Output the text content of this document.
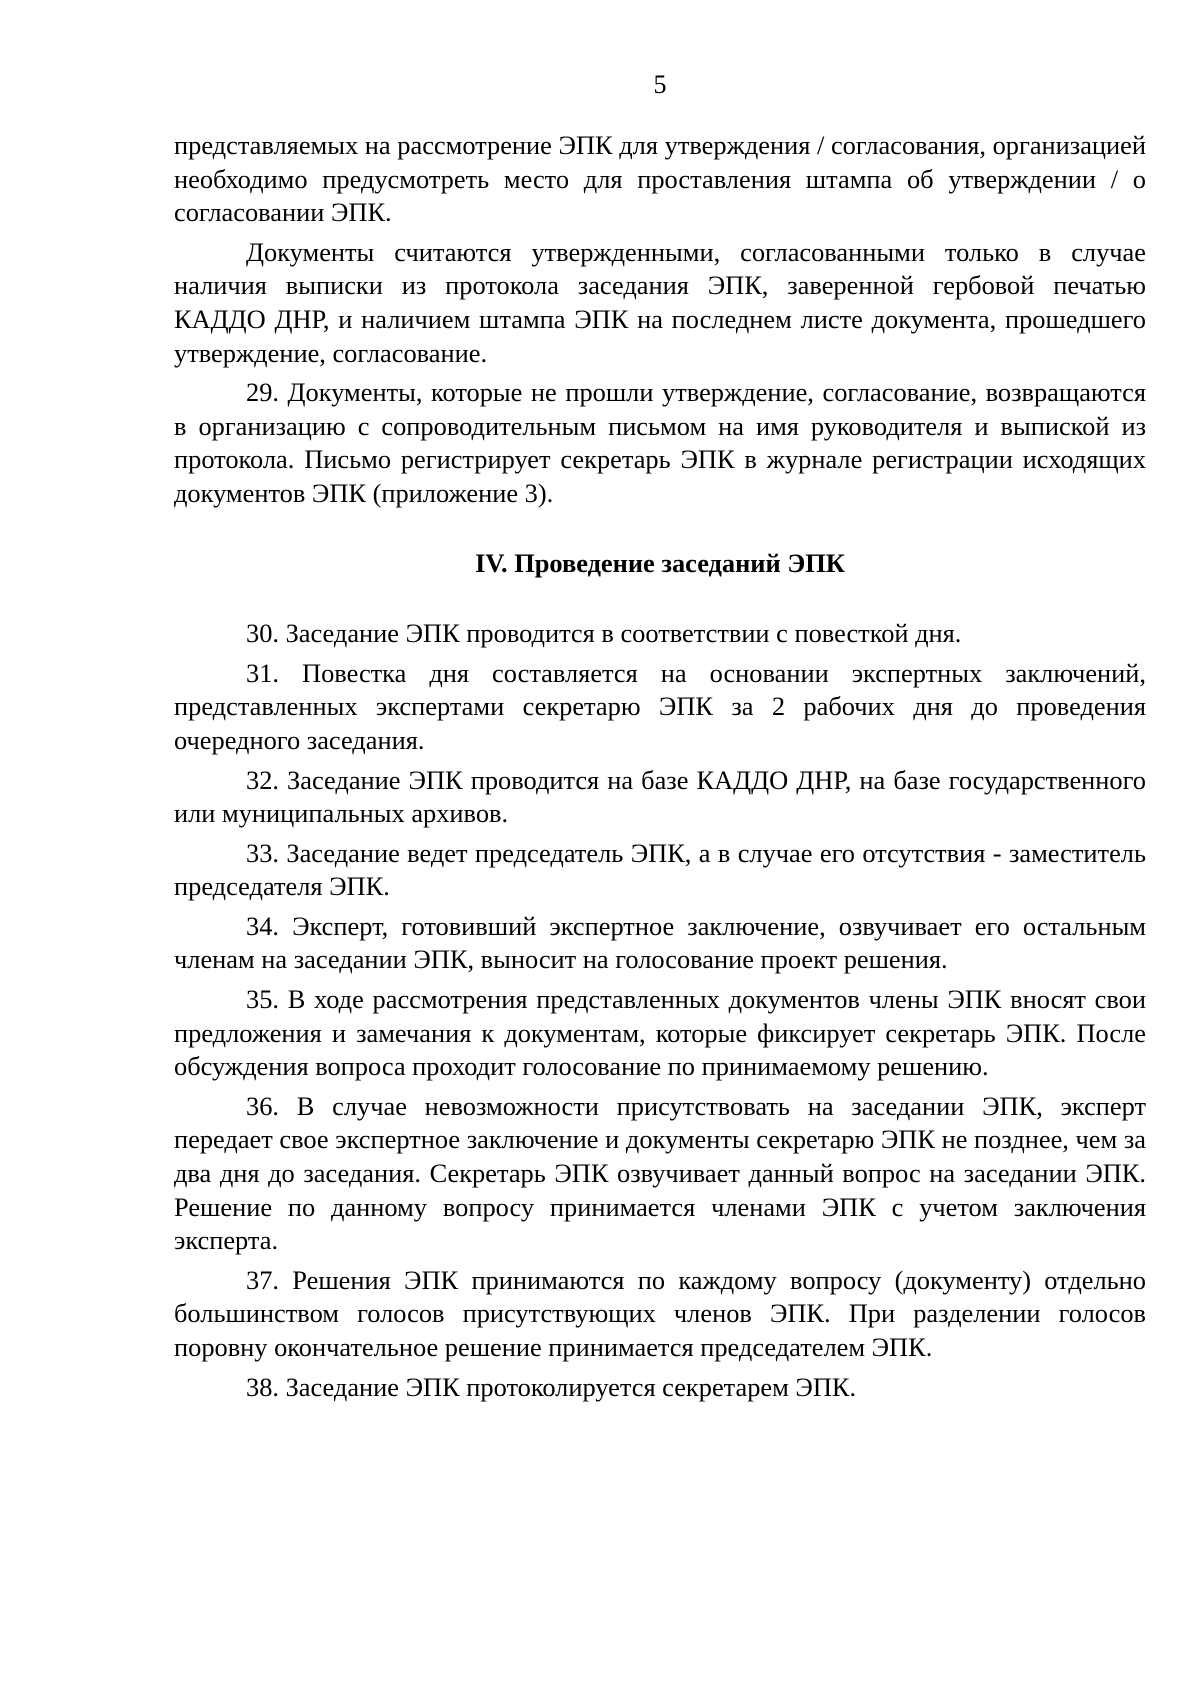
5

представляемых на рассмотрение ЭПК для утверждения / согласования, организацией необходимо предусмотреть место для проставления штампа об утверждении / о согласовании ЭПК.

Документы считаются утвержденными, согласованными только в случае наличия выписки из протокола заседания ЭПК, заверенной гербовой печатью КАДДО ДНР, и наличием штампа ЭПК на последнем листе документа, прошедшего утверждение, согласование.

29. Документы, которые не прошли утверждение, согласование, возвращаются в организацию с сопроводительным письмом на имя руководителя и выпиской из протокола. Письмо регистрирует секретарь ЭПК в журнале регистрации исходящих документов ЭПК (приложение 3).

IV. Проведение заседаний ЭПК

30. Заседание ЭПК проводится в соответствии с повесткой дня.

31. Повестка дня составляется на основании экспертных заключений, представленных экспертами секретарю ЭПК за 2 рабочих дня до проведения очередного заседания.

32. Заседание ЭПК проводится на базе КАДДО ДНР, на базе государственного или муниципальных архивов.

33. Заседание ведет председатель ЭПК, а в случае его отсутствия - заместитель председателя ЭПК.

34. Эксперт, готовивший экспертное заключение, озвучивает его остальным членам на заседании ЭПК, выносит на голосование проект решения.

35. В ходе рассмотрения представленных документов члены ЭПК вносят свои предложения и замечания к документам, которые фиксирует секретарь ЭПК. После обсуждения вопроса проходит голосование по принимаемому решению.

36. В случае невозможности присутствовать на заседании ЭПК, эксперт передает свое экспертное заключение и документы секретарю ЭПК не позднее, чем за два дня до заседания. Секретарь ЭПК озвучивает данный вопрос на заседании ЭПК. Решение по данному вопросу принимается членами ЭПК с учетом заключения эксперта.

37. Решения ЭПК принимаются по каждому вопросу (документу) отдельно большинством голосов присутствующих членов ЭПК. При разделении голосов поровну окончательное решение принимается председателем ЭПК.

38. Заседание ЭПК протоколируется секретарем ЭПК.
